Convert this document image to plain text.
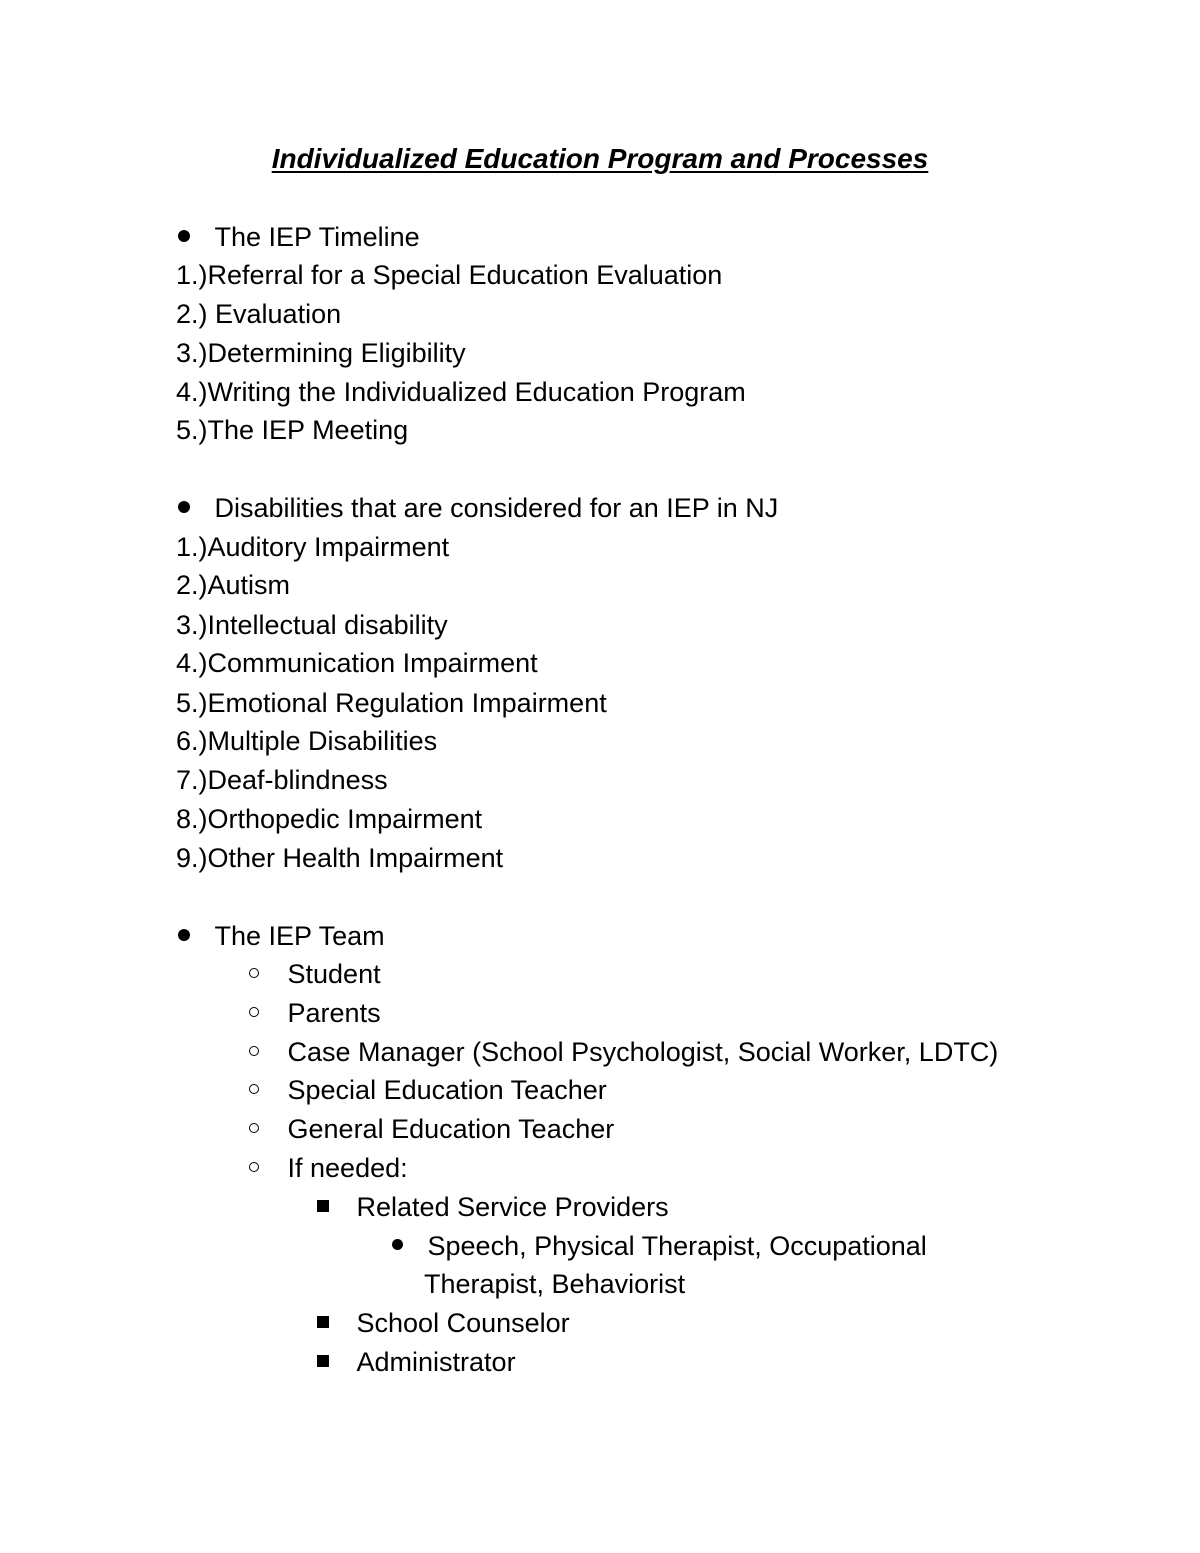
Individualized Education Program and Processes
The IEP Timeline
1.)Referral for a Special Education Evaluation
2.) Evaluation
3.)Determining Eligibility
4.)Writing the Individualized Education Program
5.)The IEP Meeting
Disabilities that are considered for an IEP in NJ
1.)Auditory Impairment
2.)Autism
3.)Intellectual disability
4.)Communication Impairment
5.)Emotional Regulation Impairment
6.)Multiple Disabilities
7.)Deaf-blindness
8.)Orthopedic Impairment
9.)Other Health Impairment
The IEP Team
Student
Parents
Case Manager (School Psychologist, Social Worker, LDTC)
Special Education Teacher
General Education Teacher
If needed:
Related Service Providers
Speech, Physical Therapist, Occupational
Therapist, Behaviorist
School Counselor
Administrator
